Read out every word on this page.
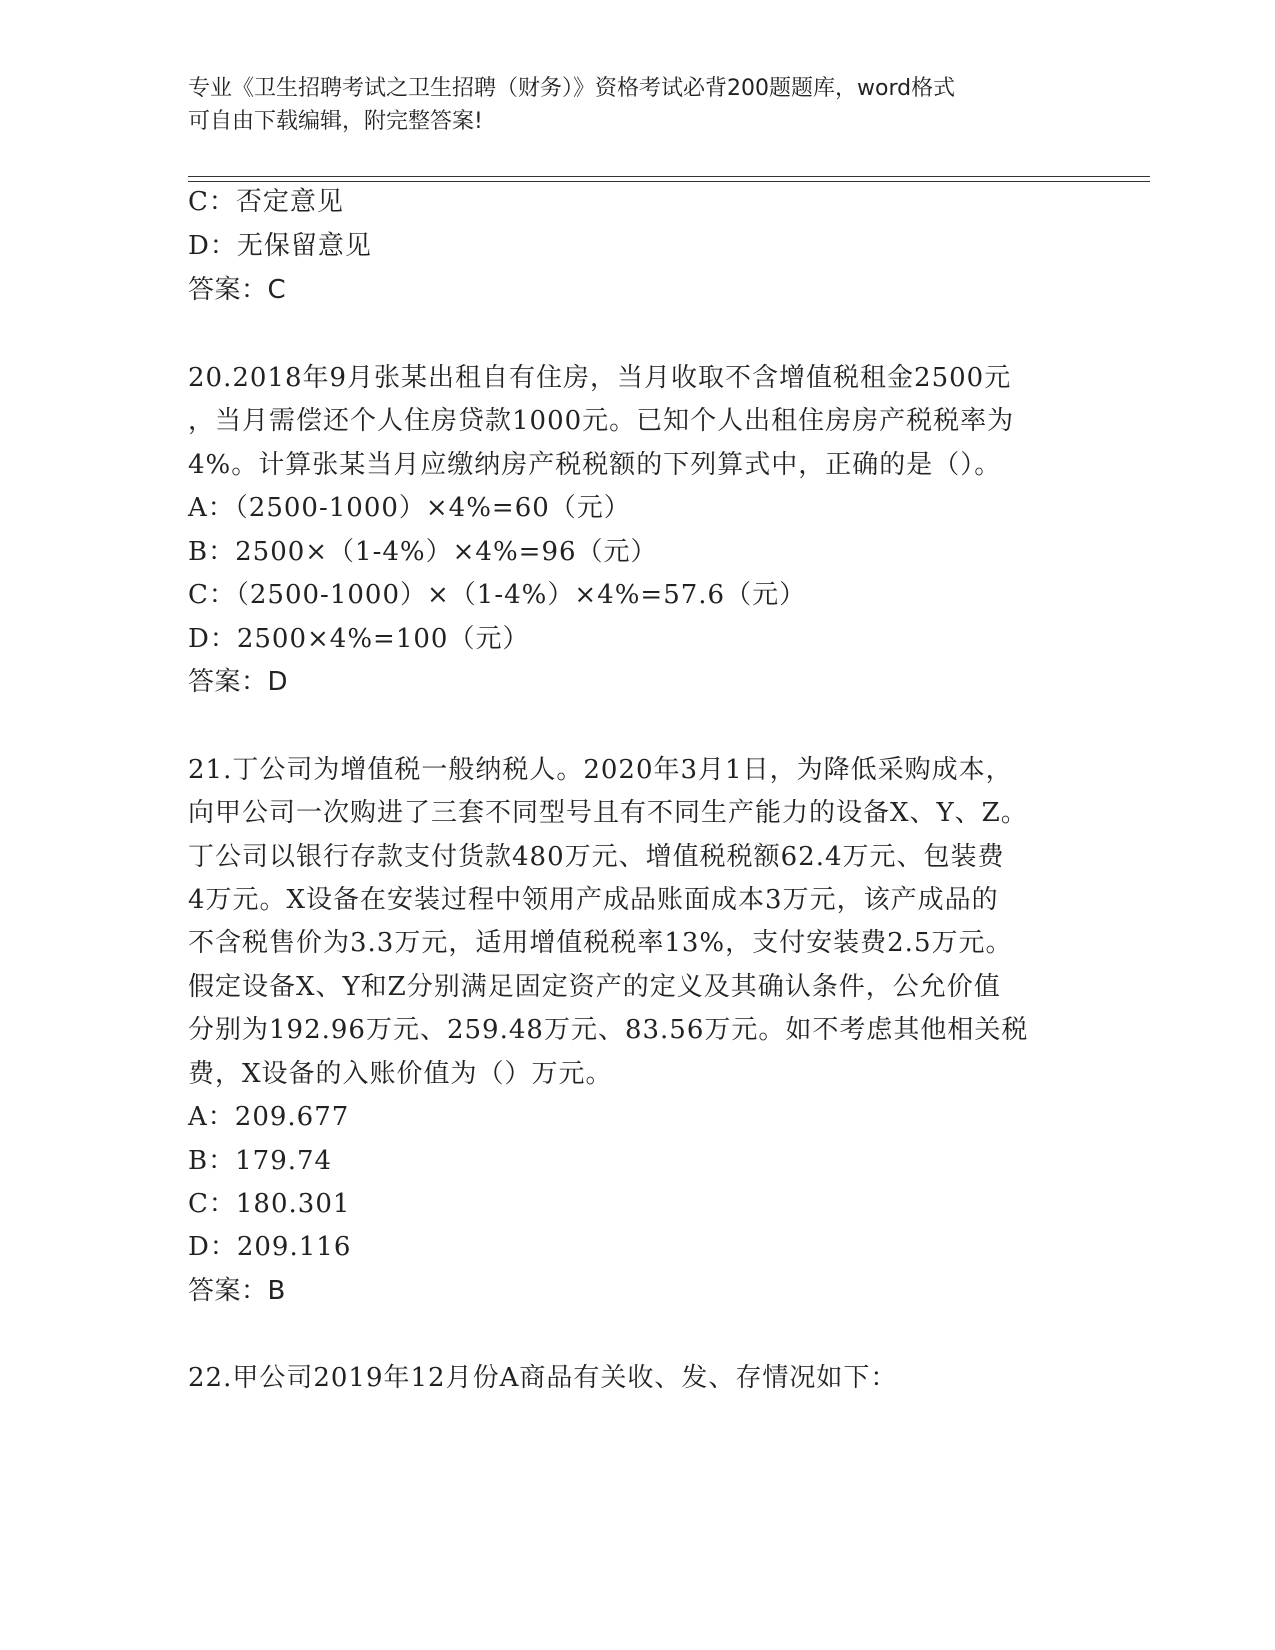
专业《卫生招聘考试之卫生招聘（财务）》资格考试必背200题题库，word格式
可自由下载编辑，附完整答案!
C：否定意见
D：无保留意见
答案：C
20.2018年9月张某出租自有住房，当月收取不含增值税租金2500元
，当月需偿还个人住房贷款1000元。已知个人出租住房房产税税率为
4%。计算张某当月应缴纳房产税税额的下列算式中，正确的是（）。
A：（2500-1000）×4%=60（元）
B：2500×（1-4%）×4%=96（元）
C：（2500-1000）×（1-4%）×4%=57.6（元）
D：2500×4%=100（元）
答案：D
21.丁公司为增值税一般纳税人。2020年3月1日，为降低采购成本，
向甲公司一次购进了三套不同型号且有不同生产能力的设备X、Y、Z。
丁公司以银行存款支付货款480万元、增值税税额62.4万元、包装费
4万元。X设备在安装过程中领用产成品账面成本3万元，该产成品的
不含税售价为3.3万元，适用增值税税率13%，支付安装费2.5万元。
假定设备X、Y和Z分别满足固定资产的定义及其确认条件，公允价值
分别为192.96万元、259.48万元、83.56万元。如不考虑其他相关税
费，X设备的入账价值为（）万元。
A：209.677
B：179.74
C：180.301
D：209.116
答案：B
22.甲公司2019年12月份A商品有关收、发、存情况如下：
